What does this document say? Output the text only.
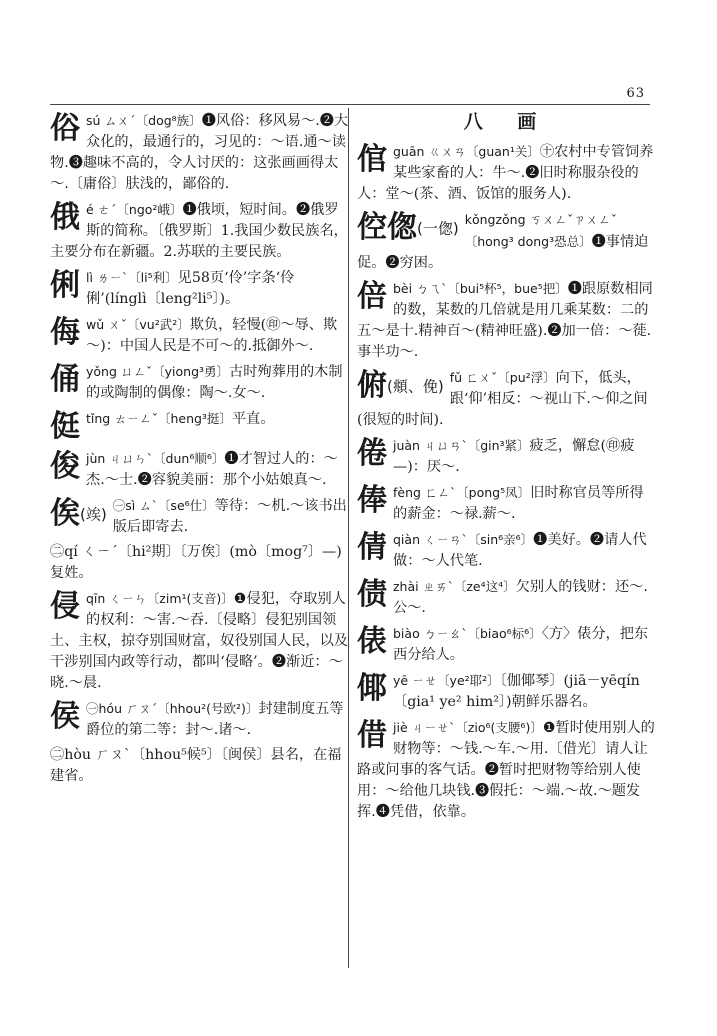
63
俗sú ㄙㄨˊ〔dog⁸族〕❶风俗：移风易～.❷大众化的，最通行的，习见的：～语.通～读物.❸趣味不高的，令人讨厌的：这张画画得太～.〔庸俗〕肤浅的，鄙俗的.
俄é ㄜˊ〔ngo²峨〕❶俄顷，短时间。❷俄罗斯的简称。〔俄罗斯〕1.我国少数民族名，主要分布在新疆。2.苏联的主要民族。
俐lì ㄌㄧˋ〔li⁵利〕见58页‘伶’字条‘伶俐’(línglì〔leng²li⁵〕)。
侮wǔ ㄨˇ〔vu²武²〕欺负，轻慢(㊞～辱、欺～)：中国人民是不可～的.抵御外～.
俑yǒng ㄩㄥˇ〔yiong³勇〕古时殉葬用的木制的或陶制的偶像：陶～.女～.
侹tǐng ㄊㄧㄥˇ〔heng³挺〕平直。
俊jùn ㄐㄩㄣˋ〔dun⁶顺⁶〕❶才智过人的：～杰.～士.❷容貌美丽：那个小姑娘真～.
俟(竢) ㊀sì ㄙˋ〔se⁶仕〕等待：～机.～该书出版后即寄去.
㊁qí ㄑㄧˊ〔hi²期〕〔万俟〕(mò〔mog⁷〕—)复姓。
侵qīn ㄑㄧㄣ〔zim¹(支音)〕❶侵犯，夺取别人的权利：～害.～吞.〔侵略〕侵犯别国领土、主权，掠夺别国财富，奴役别国人民，以及干涉别国内政等行动，都叫‘侵略’。❷渐近：～晓.～晨.
侯 ㊀hóu ㄏㄡˊ〔hhou²(号欧²)〕封建制度五等爵位的第二等：封～.诸～.
㊁hòu ㄏㄡˋ〔hhou⁵候⁵〕〔闽侯〕县名，在福建省。
八 画
倌guān ㄍㄨㄢ〔guan¹关〕㊉农村中专管饲养某些家畜的人：牛～.❷旧时称服杂役的人：堂～(茶、酒、饭馆的服务人).
倥偬(一偬) kǒngzǒng ㄎㄨㄥˇㄗㄨㄥˇ〔hong³ dong³恐总〕❶事情迫促。❷穷困。
倍bèi ㄅㄟˋ〔bui⁵杯⁵，bue⁵把〕❶跟原数相同的数，某数的几倍就是用几乘某数：二的五～是十.精神百～(精神旺盛).❷加一倍：～蓰.事半功～.
俯(頫、俛) fǔ ㄈㄨˇ〔pu²浮〕向下，低头，跟‘仰’相反：～视山下.～仰之间(很短的时间).
倦juàn ㄐㄩㄢˋ〔gin³紧〕疲乏，懈怠(㊞疲—)：厌～.
俸fèng ㄈㄥˋ〔pong⁵凤〕旧时称官员等所得的薪金：～禄.薪～.
倩qiàn ㄑㄧㄢˋ〔sin⁶亲⁶〕❶美好。❷请人代做：～人代笔.
债zhài ㄓㄞˋ〔ze⁴这⁴〕欠别人的钱财：还～.公～.
俵biào ㄅㄧㄠˋ〔biao⁶标⁶〕〈方〉俵分，把东西分给人。
倻yē ㄧㄝ〔ye²耶²〕〔伽倻琴〕(jiā－yēqín〔gia¹ ye² him²〕)朝鲜乐器名。
借jiè ㄐㄧㄝˋ〔zio⁶(支腰⁶)〕❶暂时使用别人的财物等：～钱.～车.～用.〔借光〕请人让路或问事的客气话。❷暂时把财物等给别人使用：～给他几块钱.❸假托：～端.～故.～题发挥.❹凭借，依靠。
